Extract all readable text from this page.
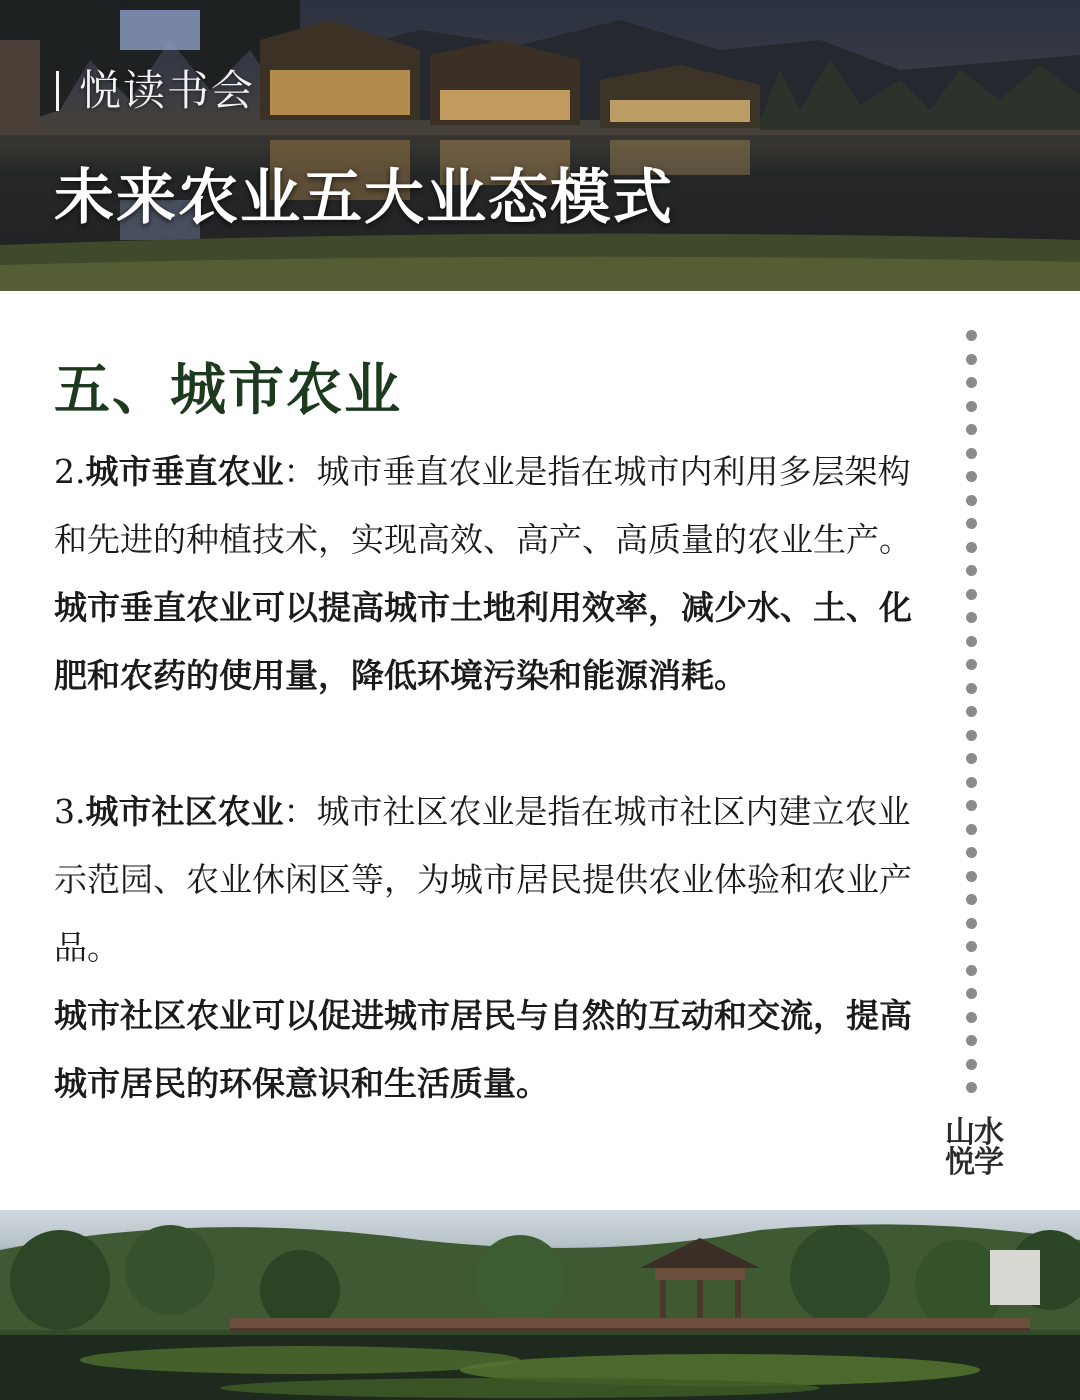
悦读书会
未来农业五大业态模式
五、城市农业

2.城市垂直农业：城市垂直农业是指在城市内利用多层架构和先进的种植技术，实现高效、高产、高质量的农业生产。

城市垂直农业可以提高城市土地利用效率，减少水、土、化肥和农药的使用量，降低环境污染和能源消耗。

3.城市社区农业：城市社区农业是指在城市社区内建立农业示范园、农业休闲区等，为城市居民提供农业体验和农业产品。

城市社区农业可以促进城市居民与自然的互动和交流，提高城市居民的环保意识和生活质量。

山水
悦学
